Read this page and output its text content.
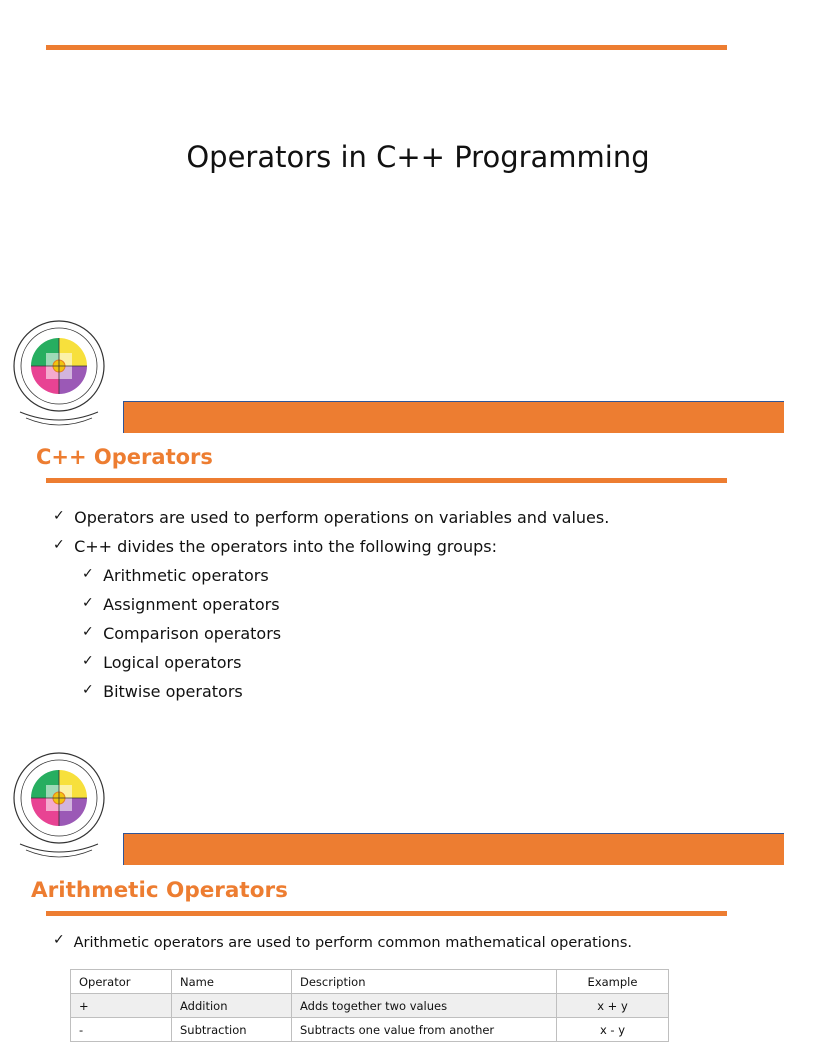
Operators in C++ Programming
C++ Operators
✓ Operators are used to perform operations on variables and values.
✓ C++ divides the operators into the following groups:
✓ Arithmetic operators
✓ Assignment operators
✓ Comparison operators
✓ Logical operators
✓ Bitwise operators
Arithmetic Operators
✓ Arithmetic operators are used to perform common mathematical operations.
Operator	Name	Description	Example
+	Addition	Adds together two values	x + y
-	Subtraction	Subtracts one value from another	x - y
